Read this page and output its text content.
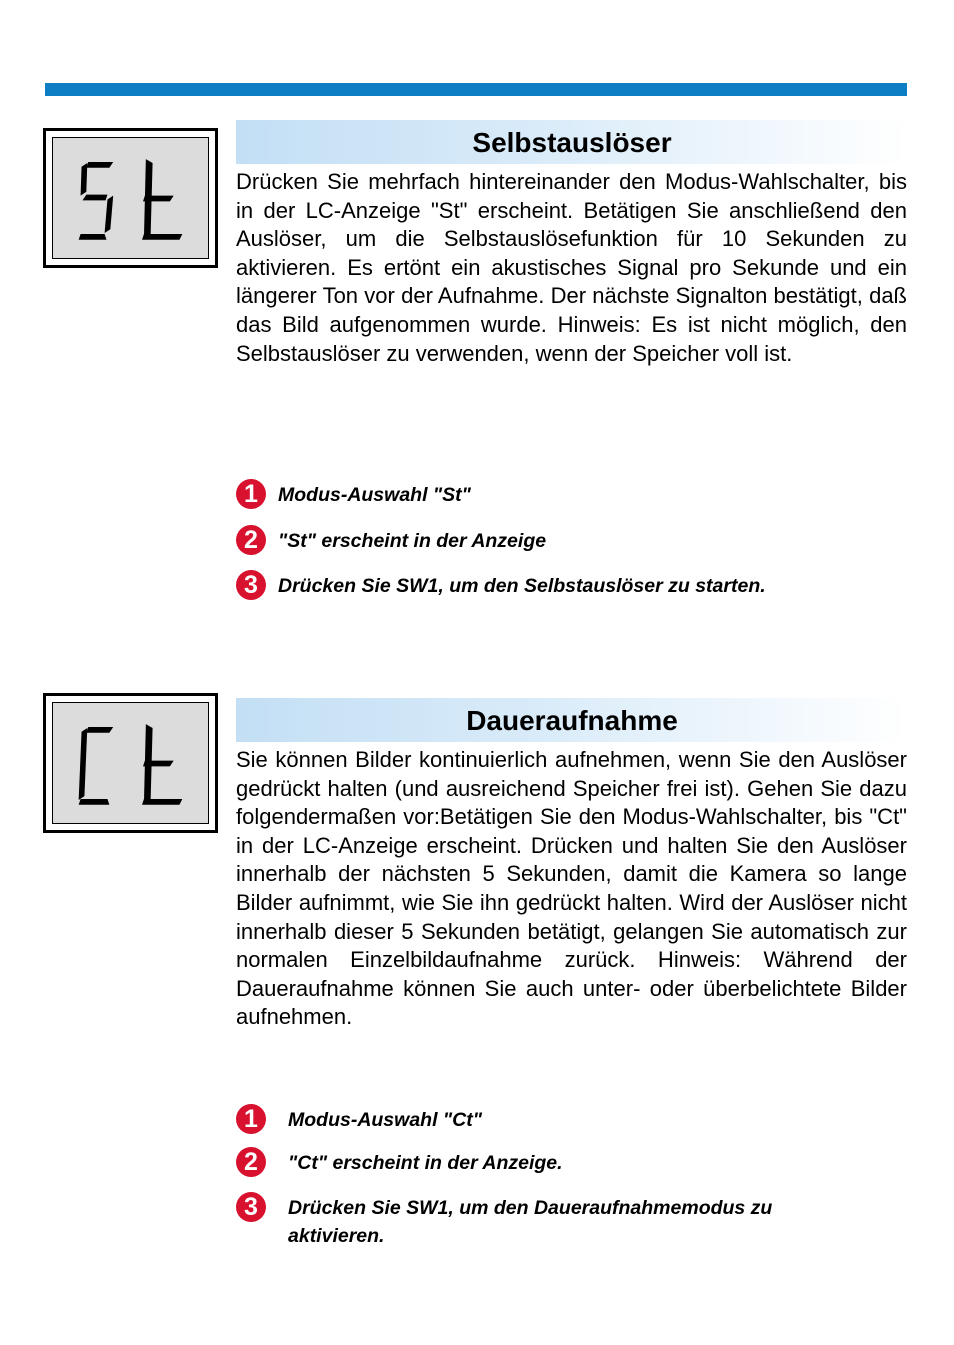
Selbstauslöser

Drücken Sie mehrfach hintereinander den Modus-Wahlschalter, bis in der LC-Anzeige "St" erscheint. Betätigen Sie anschließend den Auslöser, um die Selbstauslösefunktion für 10 Sekunden zu aktivieren. Es ertönt ein akustisches Signal pro Sekunde und ein längerer Ton vor der Aufnahme. Der nächste Signalton bestätigt, daß das Bild aufgenommen wurde. Hinweis: Es ist nicht möglich, den Selbstauslöser zu verwenden, wenn der Speicher voll ist.

1	Modus-Auswahl "St"
2	"St" erscheint in der Anzeige
3	Drücken Sie SW1, um den Selbstauslöser zu starten.
Daueraufnahme

Sie können Bilder kontinuierlich aufnehmen, wenn Sie den Auslöser gedrückt halten (und ausreichend Speicher frei ist). Gehen Sie dazu folgendermaßen vor:Betätigen Sie den Modus-Wahlschalter, bis "Ct" in der LC-Anzeige erscheint. Drücken und halten Sie den Auslöser innerhalb der nächsten 5 Sekunden, damit die Kamera so lange Bilder aufnimmt, wie Sie ihn gedrückt halten. Wird der Auslöser nicht innerhalb dieser 5 Sekunden betätigt, gelangen Sie automatisch zur normalen Einzelbildaufnahme zurück. Hinweis: Während der Daueraufnahme können Sie auch unter- oder überbelichtete Bilder aufnehmen.

1	Modus-Auswahl "Ct"
2	"Ct" erscheint in der Anzeige.
3	Drücken Sie SW1, um den Daueraufnahmemodus zu aktivieren.
